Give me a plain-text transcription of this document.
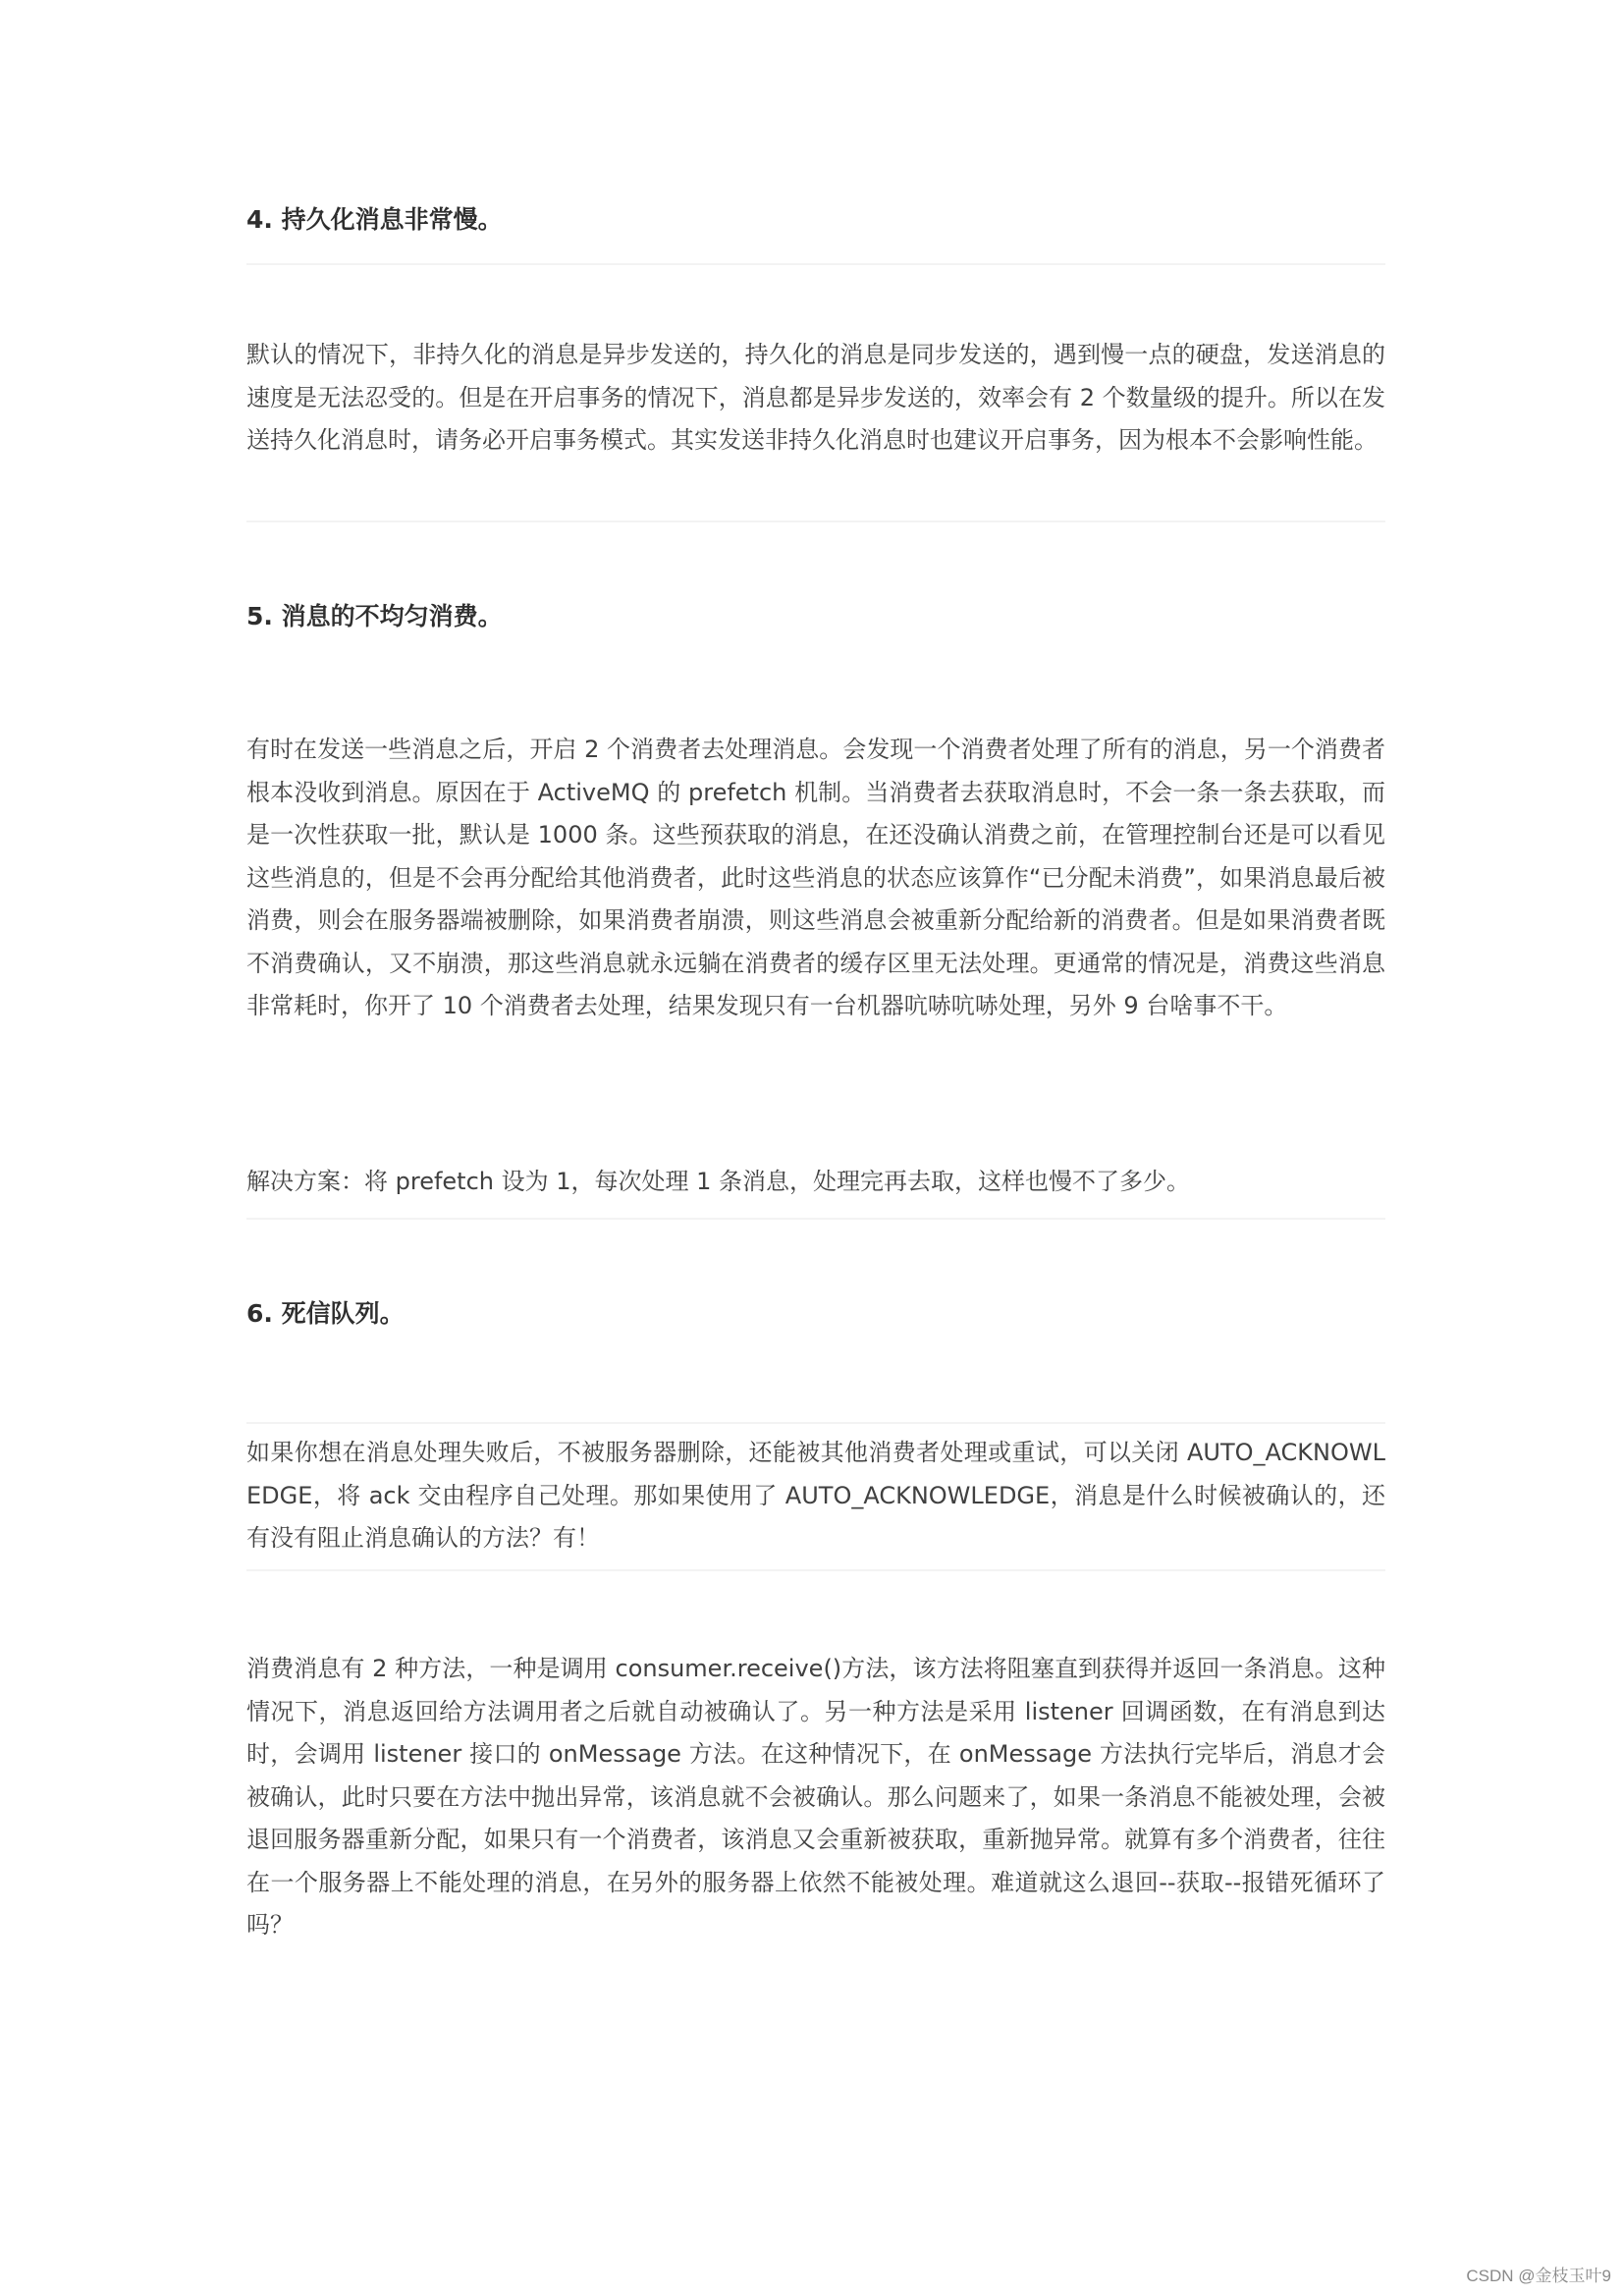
4. 持久化消息非常慢。

默认的情况下，非持久化的消息是异步发送的，持久化的消息是同步发送的，遇到慢一点的硬盘，发送消息的速度是无法忍受的。但是在开启事务的情况下，消息都是异步发送的，效率会有 2 个数量级的提升。所以在发送持久化消息时，请务必开启事务模式。其实发送非持久化消息时也建议开启事务，因为根本不会影响性能。

5. 消息的不均匀消费。

有时在发送一些消息之后，开启 2 个消费者去处理消息。会发现一个消费者处理了所有的消息，另一个消费者根本没收到消息。原因在于 ActiveMQ 的 prefetch 机制。当消费者去获取消息时，不会一条一条去获取，而是一次性获取一批，默认是 1000 条。这些预获取的消息，在还没确认消费之前，在管理控制台还是可以看见这些消息的，但是不会再分配给其他消费者，此时这些消息的状态应该算作“已分配未消费”，如果消息最后被消费，则会在服务器端被删除，如果消费者崩溃，则这些消息会被重新分配给新的消费者。但是如果消费者既不消费确认，又不崩溃，那这些消息就永远躺在消费者的缓存区里无法处理。更通常的情况是，消费这些消息非常耗时，你开了 10 个消费者去处理，结果发现只有一台机器吭哧吭哧处理，另外 9 台啥事不干。

解决方案：将 prefetch 设为 1，每次处理 1 条消息，处理完再去取，这样也慢不了多少。

6. 死信队列。

如果你想在消息处理失败后，不被服务器删除，还能被其他消费者处理或重试，可以关闭 AUTO_ACKNOWLEDGE，将 ack 交由程序自己处理。那如果使用了 AUTO_ACKNOWLEDGE，消息是什么时候被确认的，还有没有阻止消息确认的方法？有！

消费消息有 2 种方法，一种是调用 consumer.receive()方法，该方法将阻塞直到获得并返回一条消息。这种情况下，消息返回给方法调用者之后就自动被确认了。另一种方法是采用 listener 回调函数，在有消息到达时，会调用 listener 接口的 onMessage 方法。在这种情况下，在 onMessage 方法执行完毕后，消息才会被确认，此时只要在方法中抛出异常，该消息就不会被确认。那么问题来了，如果一条消息不能被处理，会被退回服务器重新分配，如果只有一个消费者，该消息又会重新被获取，重新抛异常。就算有多个消费者，往往在一个服务器上不能处理的消息，在另外的服务器上依然不能被处理。难道就这么退回--获取--报错死循环了吗？

CSDN @金枝玉叶9
